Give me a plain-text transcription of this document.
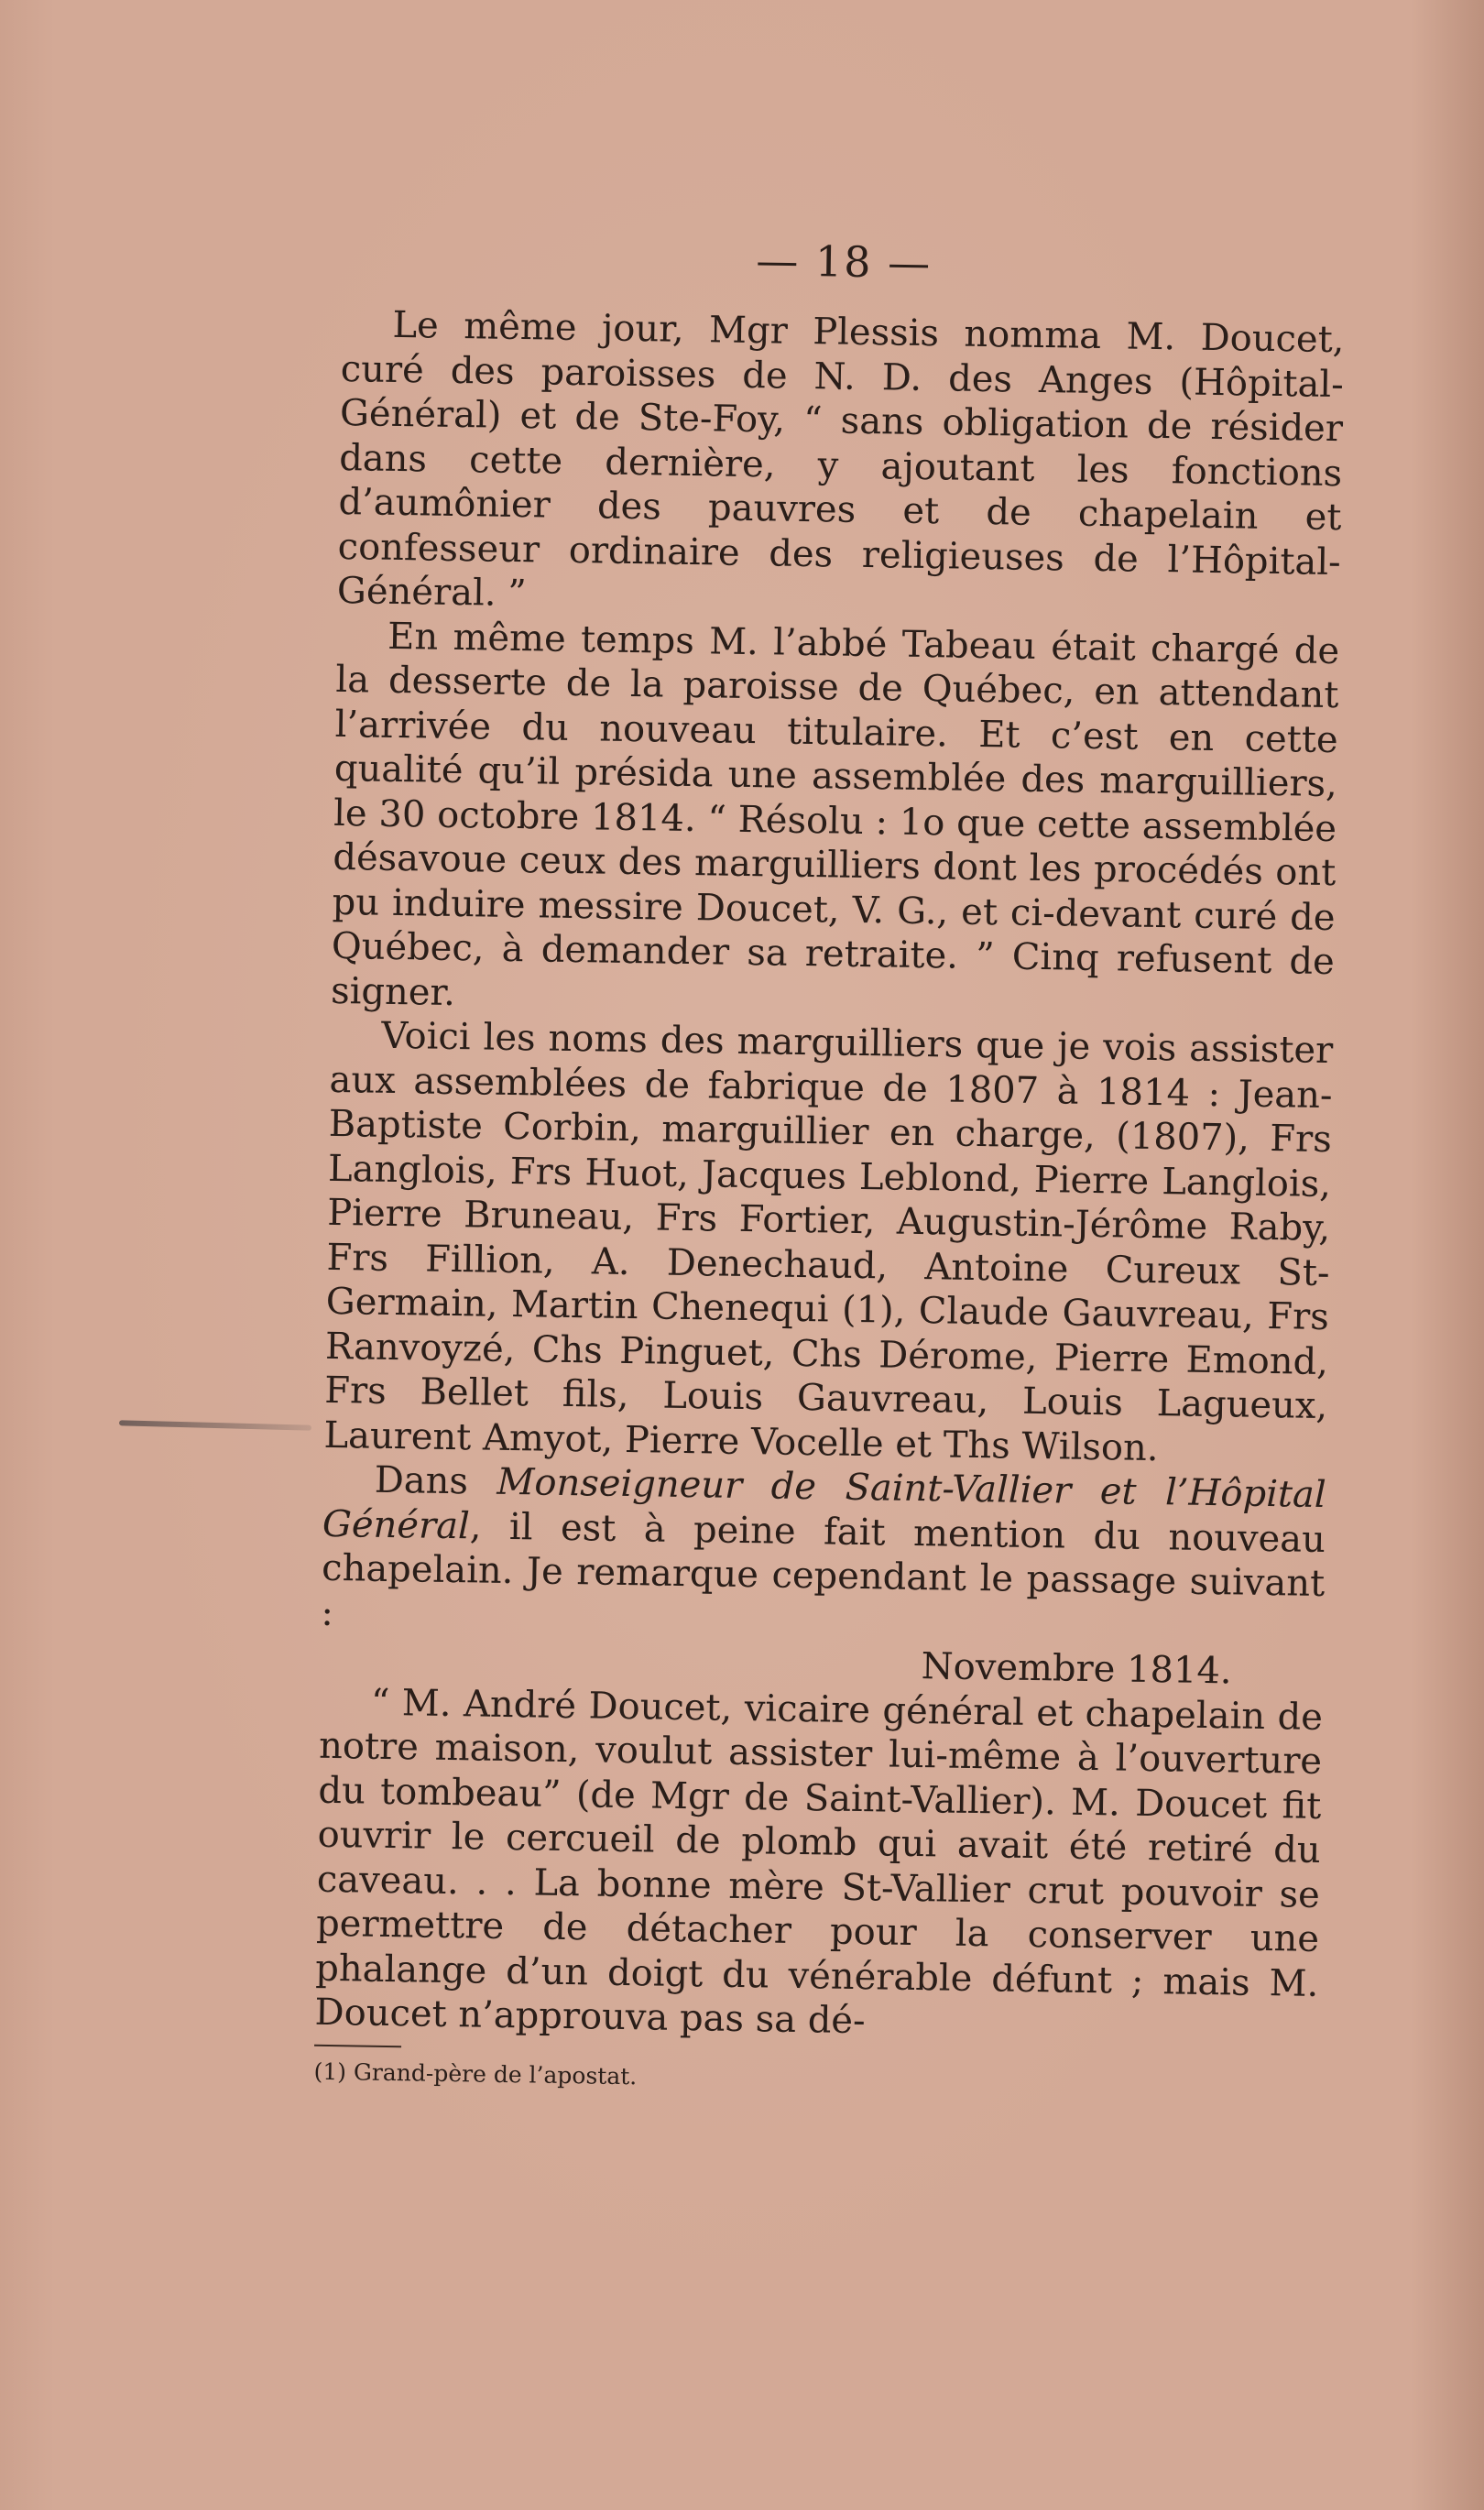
— 18 —

Le même jour, Mgr Plessis nomma M. Doucet, curé des paroisses de N. D. des Anges (Hôpital-Général) et de Ste-Foy, “ sans obligation de résider dans cette dernière, y ajoutant les fonctions d’aumônier des pauvres et de chapelain et confesseur ordinaire des religieuses de l’Hôpital-Général. ”

En même temps M. l’abbé Tabeau était chargé de la desserte de la paroisse de Québec, en attendant l’arrivée du nouveau titulaire. Et c’est en cette qualité qu’il présida une assemblée des marguilliers, le 30 octobre 1814. “ Résolu : 1o que cette assemblée désavoue ceux des marguilliers dont les procédés ont pu induire messire Doucet, V. G., et ci-devant curé de Québec, à demander sa retraite. ” Cinq refusent de signer.

Voici les noms des marguilliers que je vois assister aux assemblées de fabrique de 1807 à 1814 : Jean-Baptiste Corbin, marguillier en charge, (1807), Frs Langlois, Frs Huot, Jacques Leblond, Pierre Langlois, Pierre Bruneau, Frs Fortier, Augustin-Jérôme Raby, Frs Fillion, A. Denechaud, Antoine Cureux St-Germain, Martin Chenequi (1), Claude Gauvreau, Frs Ranvoyzé, Chs Pinguet, Chs Dérome, Pierre Emond, Frs Bellet fils, Louis Gauvreau, Louis Lagueux, Laurent Amyot, Pierre Vocelle et Ths Wilson.

Dans Monseigneur de Saint-Vallier et l’Hôpital Général, il est à peine fait mention du nouveau chapelain. Je remarque cependant le passage suivant :

Novembre 1814.

“ M. André Doucet, vicaire général et chapelain de notre maison, voulut assister lui-même à l’ouverture du tombeau” (de Mgr de Saint-Vallier). M. Doucet fit ouvrir le cercueil de plomb qui avait été retiré du caveau. . . La bonne mère St-Vallier crut pouvoir se permettre de détacher pour la conserver une phalange d’un doigt du vénérable défunt ; mais M. Doucet n’approuva pas sa dé-

(1) Grand-père de l’apostat.
